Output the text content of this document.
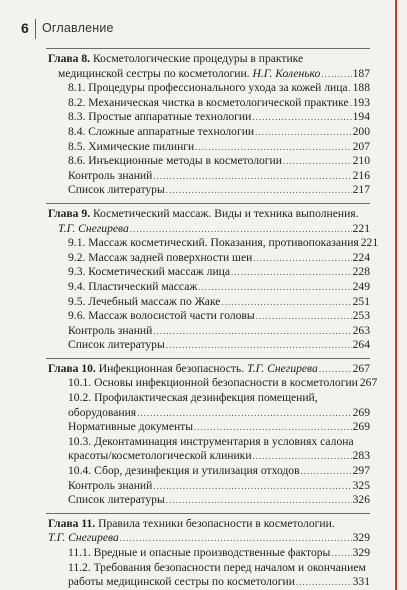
6 Оглавление
Глава 8. Косметологические процедуры в практике
медицинской сестры по косметологии. Н.Г. Коленько .....	187
8.1. Процедуры профессионального ухода за кожей лица ..... 188
8.2. Механическая чистка в косметологической практике ..... 193
8.3. Простые аппаратные технологии .....	194
8.4. Сложные аппаратные технологии .....	200
8.5. Химические пилинги .....	207
8.6. Инъекционные методы в косметологии .....	210
Контроль знаний .....	216
Список литературы .....	217
Глава 9. Косметический массаж. Виды и техника выполнения.
Т.Г. Снегирева .....	221
9.1. Массаж косметический. Показания, противопоказания 221
9.2. Массаж задней поверхности шеи .....	224
9.3. Косметический массаж лица .....	228
9.4. Пластический массаж .....	249
9.5. Лечебный массаж по Жаке .....	251
9.6. Массаж волосистой части головы .....	253
Контроль знаний .....	263
Список литературы .....	264
Глава 10. Инфекционная безопасность. Т.Г. Снегирева .....	267
10.1. Основы инфекционной безопасности в косметологии 267
10.2. Профилактическая дезинфекция помещений,
оборудования .....	269
Нормативные документы .....	269
10.3. Деконтаминация инструментария в условиях салона
красоты/косметологической клиники .....	283
10.4. Сбор, дезинфекция и утилизация отходов .....	297
Контроль знаний .....	325
Список литературы .....	326
Глава 11. Правила техники безопасности в косметологии.
Т.Г. Снегирева .....	329
11.1. Вредные и опасные производственные факторы ..... 329
11.2. Требования безопасности перед началом и окончанием
работы медицинской сестры по косметологии .....	331
